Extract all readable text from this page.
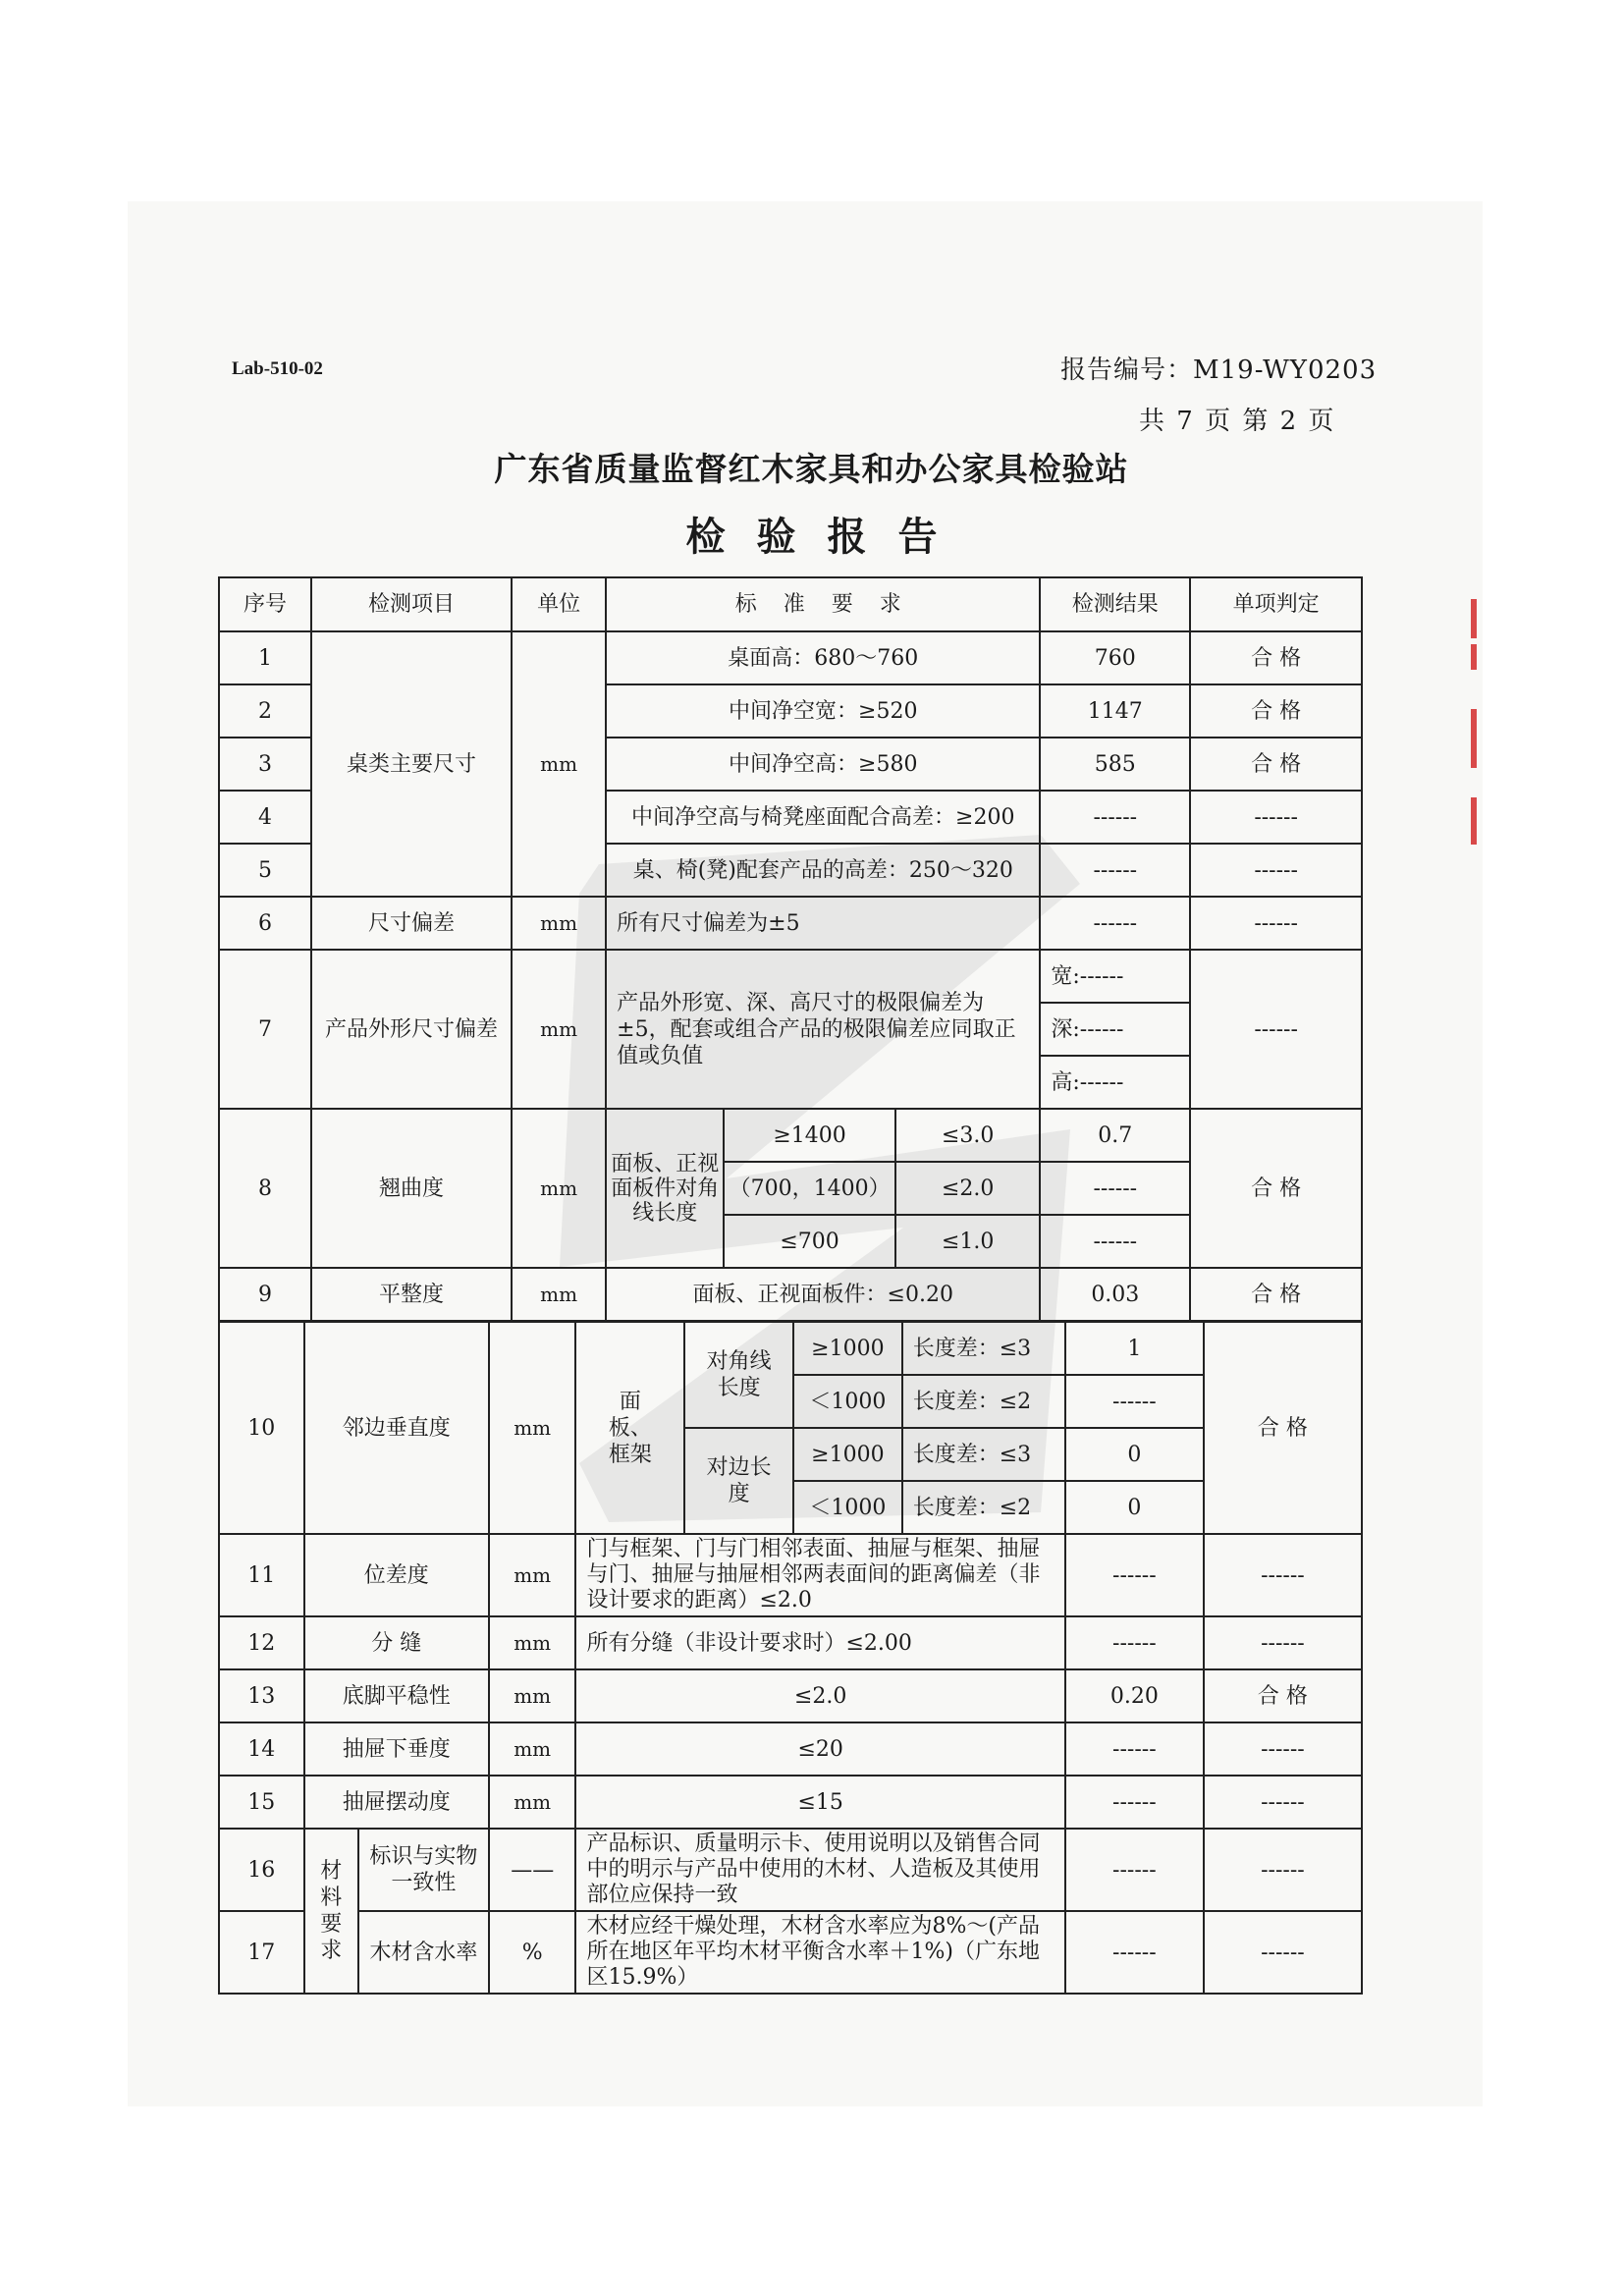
Lab-510-02	报告编号：M19-WY0203
共 7 页 第 2 页
广东省质量监督红木家具和办公家具检验站
检验报告
序号	检测项目	单位	标 准 要 求			检测结果	单项判定
1	桌类主要尺寸	mm	桌面高：680～760			760	合 格
2			中间净空宽：≥520			1147	合 格
3			中间净空高：≥580			585	合 格
4			中间净空高与椅凳座面配合高差：≥200			------	------
5			桌、椅(凳)配套产品的高差：250～320			------	------
6	尺寸偏差	mm	所有尺寸偏差为±5			------	------
7	产品外形尺寸偏差	mm	产品外形宽、深、高尺寸的极限偏差为±5，配套或组合产品的极限偏差应同取正值或负值			宽:------	------
						深:------	
						高:------	
8	翘曲度	mm	面板、正视面板件对角线长度	≥1400	≤3.0	0.7	合 格
				（700，1400）	≤2.0	------	
				≤700	≤1.0	------	
9	平整度	mm	面板、正视面板件：≤0.20			0.03	合 格
10	邻边垂直度		mm	面板、框架	对角线长度	≥1000	长度差：≤3	1	合 格
						＜1000	长度差：≤2	------	
					对边长度	≥1000	长度差：≤3	0	
						＜1000	长度差：≤2	0	
11	位差度		mm	门与框架、门与门相邻表面、抽屉与框架、抽屉与门、抽屉与抽屉相邻两表面间的距离偏差（非设计要求的距离）≤2.0				------	------
12	分 缝		mm	所有分缝（非设计要求时）≤2.00				------	------
13	底脚平稳性		mm	≤2.0				0.20	合 格
14	抽屉下垂度		mm	≤20				------	------
15	抽屉摆动度		mm	≤15				------	------
16	材料要求	标识与实物一致性	——	产品标识、质量明示卡、使用说明以及销售合同中的明示与产品中使用的木材、人造板及其使用部位应保持一致				------	------
17		木材含水率	%	木材应经干燥处理，木材含水率应为8%～(产品所在地区年平均木材平衡含水率＋1%)（广东地区15.9%）				------	------
